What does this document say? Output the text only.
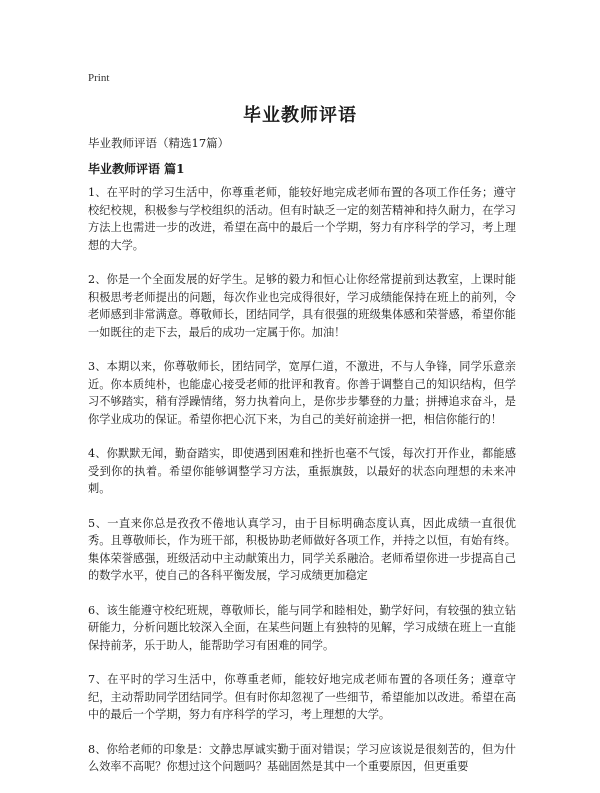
Print
毕业教师评语
毕业教师评语（精选17篇）
毕业教师评语 篇1

1、在平时的学习生活中，你尊重老师，能较好地完成老师布置的各项工作任务；遵守校纪校规，积极参与学校组织的活动。但有时缺乏一定的刻苦精神和持久耐力，在学习方法上也需进一步的改进，希望在高中的最后一个学期，努力有序科学的学习，考上理想的大学。

2、你是一个全面发展的好学生。足够的毅力和恒心让你经常提前到达教室，上课时能积极思考老师提出的问题，每次作业也完成得很好，学习成绩能保持在班上的前列，令老师感到非常满意。尊敬师长，团结同学，具有很强的班级集体感和荣誉感，希望你能一如既往的走下去，最后的成功一定属于你。加油！

3、本期以来，你尊敬师长，团结同学，宽厚仁道，不激进，不与人争锋，同学乐意亲近。你本质纯朴，也能虚心接受老师的批评和教育。你善于调整自己的知识结构，但学习不够踏实，稍有浮躁情绪，努力执着向上，是你步步攀登的力量；拼搏追求奋斗，是你学业成功的保证。希望你把心沉下来，为自己的美好前途拼一把，相信你能行的！

4、你默默无闻，勤奋踏实，即使遇到困难和挫折也毫不气馁，每次打开作业，都能感受到你的执着。希望你能够调整学习方法，重振旗鼓，以最好的状态向理想的未来冲刺。

5、一直来你总是孜孜不倦地认真学习，由于目标明确态度认真，因此成绩一直很优秀。且尊敬师长，作为班干部，积极协助老师做好各项工作，并持之以恒，有始有终。集体荣誉感强，班级活动中主动献策出力，同学关系融洽。老师希望你进一步提高自己的数学水平，使自己的各科平衡发展，学习成绩更加稳定

6、该生能遵守校纪班规，尊敬师长，能与同学和睦相处，勤学好问，有较强的独立钻研能力，分析问题比较深入全面，在某些问题上有独特的见解，学习成绩在班上一直能保持前茅，乐于助人，能帮助学习有困难的同学。

7、在平时的学习生活中，你尊重老师，能较好地完成老师布置的各项任务；遵章守纪，主动帮助同学团结同学。但有时你却忽视了一些细节，希望能加以改进。希望在高中的最后一个学期，努力有序科学的学习，考上理想的大学。

8、你给老师的印象是：文静忠厚诚实勤于面对错误；学习应该说是很刻苦的，但为什么效率不高呢？你想过这个问题吗？基础固然是其中一个重要原因，但更重要
